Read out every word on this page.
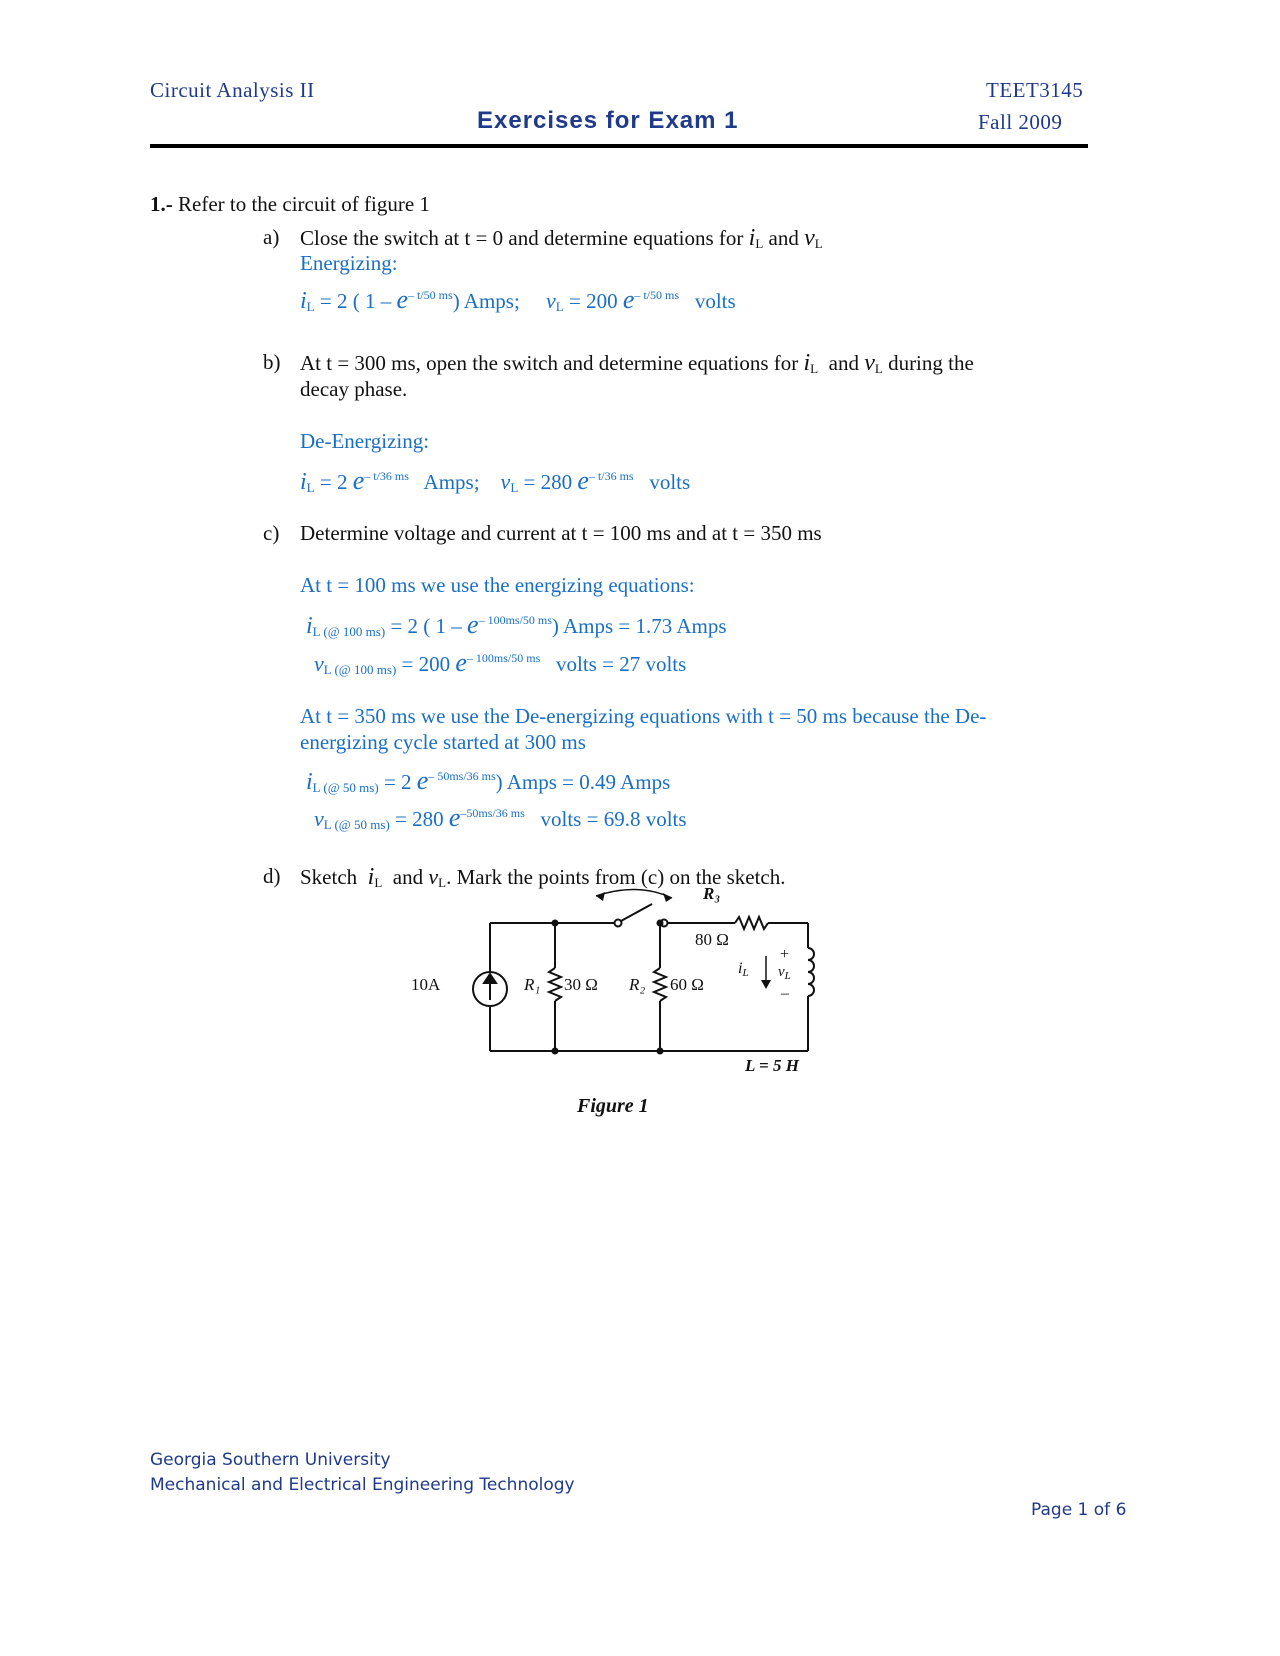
Circuit Analysis II	TEET3145
Exercises for Exam 1	Fall 2009
1.- Refer to the circuit of figure 1
a) Close the switch at t = 0 and determine equations for $i_L$ and $v_L$
Energizing:
$i_L = 2$ ( $1 - e^{- t/50 ms}$) Amps; $v_L = 200$ $e^{- t/50 ms}$ volts
b) At t = 300 ms, open the switch and determine equations for $i_L$ and $v_L$ during the
decay phase.
De-Energizing:
$i_L = 2$ $e^{- t/36 ms}$ Amps; $v_L = 280$ $e^{- t/36 ms}$ volts
c) Determine voltage and current at t = 100 ms and at t = 350 ms
At t = 100 ms we use the energizing equations:
$i_{L (@ 100 ms)} = 2$ ( $1 - e^{- 100ms/50 ms}$) Amps = 1.73 Amps
$v_{L (@ 100 ms)} = 200$ $e^{- 100ms/50 ms}$ volts = 27 volts
At t = 350 ms we use the De-energizing equations with t = 50 ms because the De-
energizing cycle started at 300 ms
$i_{L (@ 50 ms)} = 2$ $e^{- 50ms/36 ms}$) Amps = 0.49 Amps
$v_{L (@ 50 ms)} = 280$ $e^{-50ms/36 ms}$ volts = 69.8 volts
d) Sketch $i_L$ and $v_L$. Mark the points from (c) on the sketch.
10A	R₁ 30 Ω R₂ 60 Ω
R₃
80 Ω
iL
+
$v_L$
–
L = 5 H
Figure 1
Georgia Southern University
Mechanical and Electrical Engineering Technology
Page 1 of 6
